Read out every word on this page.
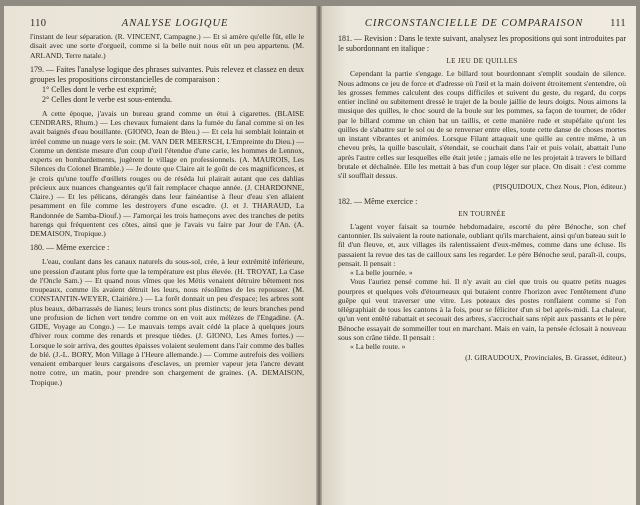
110	ANALYSE LOGIQUE

l'instant de leur séparation. (R. VINCENT, Campagne.) — Et si amère qu'elle fût, elle le disait avec une sorte d'orgueil, comme si la belle nuit nous eût un peu appartenu. (M. ARLAND, Terre natale.)

179. — Faites l'analyse logique des phrases suivantes. Puis relevez et classez en deux groupes les propositions circonstancielles de comparaison :

1° Celles dont le verbe est exprimé;

2° Celles dont le verbe est sous-entendu.

A cette époque, j'avais un bureau grand comme un étui à cigarettes. (BLAISE CENDRARS, Rhum.) — Les chevaux fumaient dans la fumée du fanal comme si on les avait baignés d'eau bouillante. (GIONO, Jean de Bleu.) — Et cela lui semblait lointain et irréel comme un nuage vers le soir. (M. VAN DER MEERSCH, L'Empreinte du Dieu.) — Comme un dentiste mesure d'un coup d'œil l'étendue d'une carie, les hommes de Lennox, experts en bombardements, jugèrent le village en professionnels. (A. MAUROIS, Les Silences du Colonel Bramble.) — Je doute que Claire ait le goût de ces magnificences, et je crois qu'une touffe d'œillets rouges ou de réséda lui plairait autant que ces dahlias précieux aux nuances changeantes qu'il fait remplacer chaque année. (J. CHARDONNE, Claire.) — Et les pélicans, dérangés dans leur fainéantise à fleur d'eau s'en allaient pesamment en file comme les destroyers d'une escadre. (J. et J. THARAUD, La Randonnée de Samba-Diouf.) — J'amorçai les trois hameçons avec des tranches de petits harengs qui fréquentent ces côtes, ainsi que je l'avais vu faire par Jour de l'An. (A. DEMAISON, Tropique.)

180. — Même exercice :

L'eau, coulant dans les canaux naturels du sous-sol, crée, à leur extrémité inférieure, une pression d'autant plus forte que la température est plus élevée. (H. TROYAT, La Case de l'Oncle Sam.) — Et quand nous vîmes que les Métis venaient détruire bêtement nos troupeaux, comme ils avaient détruit les leurs, nous résolûmes de les repousser. (M. CONSTANTIN-WEYER, Clairière.) — La forêt donnait un peu d'espace; les arbres sont plus beaux, débarrassés de lianes; leurs troncs sont plus distincts; de leurs branches pend une profusion de lichen vert tendre comme on en voit aux mélèzes de l'Engadine. (A. GIDE, Voyage au Congo.) — Le mauvais temps avait cédé la place à quelques jours d'hiver roux comme des renards et presque tièdes. (J. GIONO, Les Ames fortes.) — Lorsque le soir arriva, des gouttes épaisses volaient seulement dans l'air comme des balles de blé. (J.-L. BORY, Mon Village à l'Heure allemande.) — Comme autrefois des voiliers venaient embarquer leurs cargaisons d'esclaves, un premier vapeur jeta l'ancre devant notre cotre, un matin, pour prendre son chargement de graines. (A. DEMAISON, Tropique.)

CIRCONSTANCIELLE DE COMPARAISON	111

181. — Revision : Dans le texte suivant, analysez les propositions qui sont introduites par le subordonnant en italique :

LE JEU DE QUILLES

Cependant la partie s'engage. Le billard tout bourdonnant s'emplit soudain de silence. Nous admons ce jeu de force et d'adresse où l'œil et la main doivent étroitement s'entendre, où les grosses femmes calculent des coups difficiles et suivent du geste, du regard, du corps entier incliné ou subitement dressé le trajet de la boule jaillie de leurs doigts. Nous aimons la musique des quilles, le choc sourd de la boule sur les pommes, sa façon de tourner, de rôder par le billard comme un chien bat un taillis, et cette manière rude et stupéfaite qu'ont les quilles de s'abattre sur le sol ou de se renverser entre elles, toute cette danse de choses mortes un instant vibrantes et animées. Lorsque Filant attaquait une quille au centre même, à un cheveu près, la quille basculait, s'étendait, se couchait dans l'air et puis volait, abattait l'une après l'autre celles sur lesquelles elle était jetée ; jamais elle ne les projetait à travers le billard brutale et déchaînée. Elle les mettait à bas d'un coup léger sur place. On disait : c'est comme s'il soufflait dessus.

(PISQUIDOUX, Chez Nous, Plon, éditeur.)

182. — Même exercice :

EN TOURNÉE

L'agent voyer faisait sa tournée hebdomadaire, escorté du père Bénoche, son chef cantonnier. Ils suivaient la route nationale, oubliant qu'ils marchaient, ainsi qu'un bateau suit le fil d'un fleuve, et, aux villages ils ralentissaient d'eux-mêmes, comme dans une écluse. Ils passaient la revue des tas de cailloux sans les regarder. Le père Bénoche seul, paraît-il, coups, pensait. Il pensait :

« La belle journée. »

Vous l'auriez pensé comme lui. Il n'y avait au ciel que trois ou quatre petits nuages pourpres et quelques vols d'étourneaux qui butaient contre l'horizon avec l'entêtement d'une guêpe qui veut traverser une vitre. Les poteaux des postes ronflaient comme si l'on télégraphiait de tous les cantons à la fois, pour se féliciter d'un si bel après-midi. La chaleur, qu'un vent entêté rabattait et secouait des arbres, s'accrochait sans répit aux passants et le père Bénoche essayait de sommeiller tout en marchant. Mais en vain, la pensée éclosait à nouveau sous son crâne tiède. Il pensait :

« La belle route. »

(J. GIRAUDOUX, Provinciales, B. Grasset, éditeur.)
